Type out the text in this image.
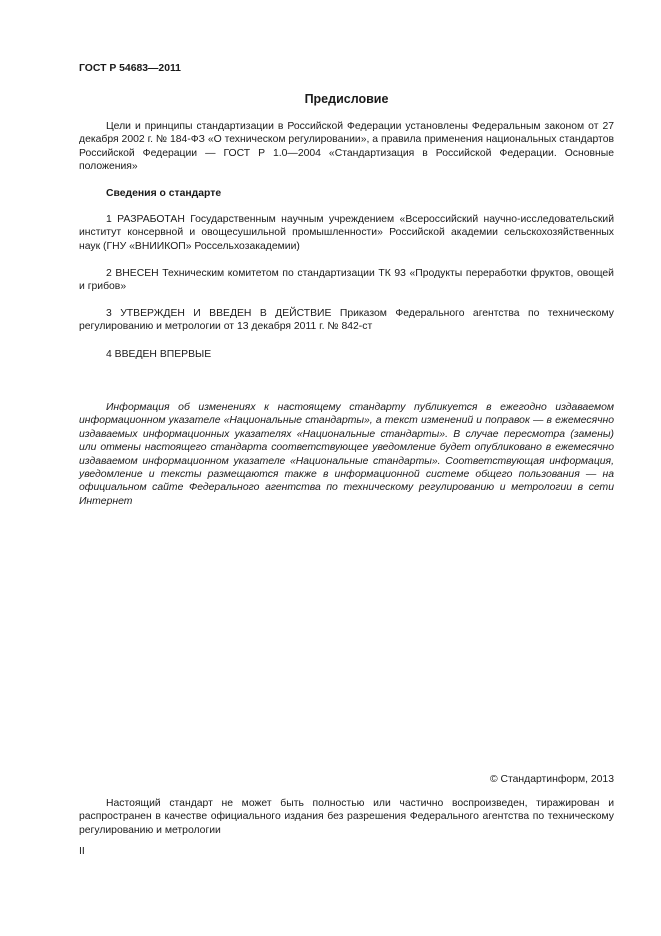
ГОСТ Р 54683—2011
Предисловие

Цели и принципы стандартизации в Российской Федерации установлены Федеральным законом от 27 декабря 2002 г. № 184-ФЗ «О техническом регулировании», а правила применения национальных стандартов Российской Федерации — ГОСТ Р 1.0—2004 «Стандартизация в Российской Федерации. Основные положения»

Сведения о стандарте

1 РАЗРАБОТАН Государственным научным учреждением «Всероссийский научно-исследовательский институт консервной и овощесушильной промышленности» Российской академии сельскохозяйственных наук (ГНУ «ВНИИКОП» Россельхозакадемии)

2 ВНЕСЕН Техническим комитетом по стандартизации ТК 93 «Продукты переработки фруктов, овощей и грибов»

3 УТВЕРЖДЕН И ВВЕДЕН В ДЕЙСТВИЕ Приказом Федерального агентства по техническому регулированию и метрологии от 13 декабря 2011 г. № 842-ст

4 ВВЕДЕН ВПЕРВЫЕ

Информация об изменениях к настоящему стандарту публикуется в ежегодно издаваемом информационном указателе «Национальные стандарты», а текст изменений и поправок — в ежемесячно издаваемых информационных указателях «Национальные стандарты». В случае пересмотра (замены) или отмены настоящего стандарта соответствующее уведомление будет опубликовано в ежемесячно издаваемом информационном указателе «Национальные стандарты». Соответствующая информация, уведомление и тексты размещаются также в информационной системе общего пользования — на официальном сайте Федерального агентства по техническому регулированию и метрологии в сети Интернет

© Стандартинформ, 2013

Настоящий стандарт не может быть полностью или частично воспроизведен, тиражирован и распространен в качестве официального издания без разрешения Федерального агентства по техническому регулированию и метрологии

II
